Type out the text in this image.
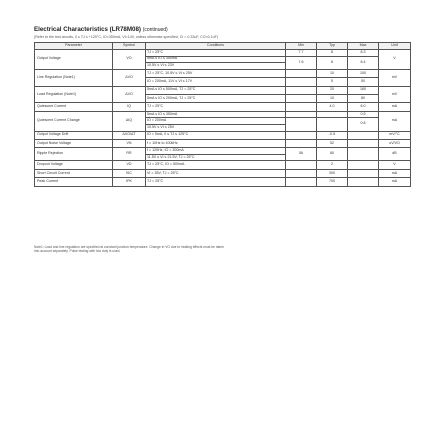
Electrical Characteristics (LR78M08) (continued)
(Refer to the test circuits, 0 ≤ TJ ≤ +125°C, IO=350mA, VI=14V, unless otherwise specified, CI = 0.33uF, CO=0.1uF)
Parameter	Symbol	Conditions	Min	Typ	Max	Unit
Output Voltage	VO	TJ = 25°C	7.7	8	8.3	V
		5mA ≤ IO ≤ 350mA	7.6	8	8.4	
		10.5V ≤ VI ≤ 23V				
Line Regulation (Note1)	ΔVO	TJ = 25°C, 10.5V ≤ VI ≤ 25V		10	100	mV
		IO = 200mA, 11V ≤ VI ≤ 17V		5	50	
Load Regulation (Note1)	ΔVO	5mA ≤ IO ≤ 500mA, TJ = 25°C		20	160	mV
		5mA ≤ IO ≤ 200mA, TJ = 25°C		10	80	
Quiescent Current	IQ	TJ = 25°C		4.0	6.0	mA
Quiescent Current Change	ΔIQ	5mA ≤ IO ≤ 350mA			0.5	mA
		IO = 200mA			0.8	
		10.5V ≤ VI ≤ 25V				
Output Voltage Drift	ΔVO/ΔT	IO = 5mA, 0 ≤ TJ ≤ 125°C		-0.5		mV/°C
Output Noise Voltage	VN	f = 10Hz to 100kHz		52		uV/VO
Ripple Rejection	RR	f = 120Hz, IO = 300mA	56	80		dB
		11.5V ≤ VI ≤ 21.5V, TJ = 25°C				
Dropout Voltage	VD	TJ = 25°C, IO = 500mA		2		V
Short Circuit Current	ISC	VI = 35V, TJ = 25°C		300		mA
Peak Current	IPK	TJ = 25°C		700		mA
Note1: Load and line regulation are specified at constant junction temperature. Change in VO due to heating effects must be taken
into account separately. Pulse testing with low duty is used.
